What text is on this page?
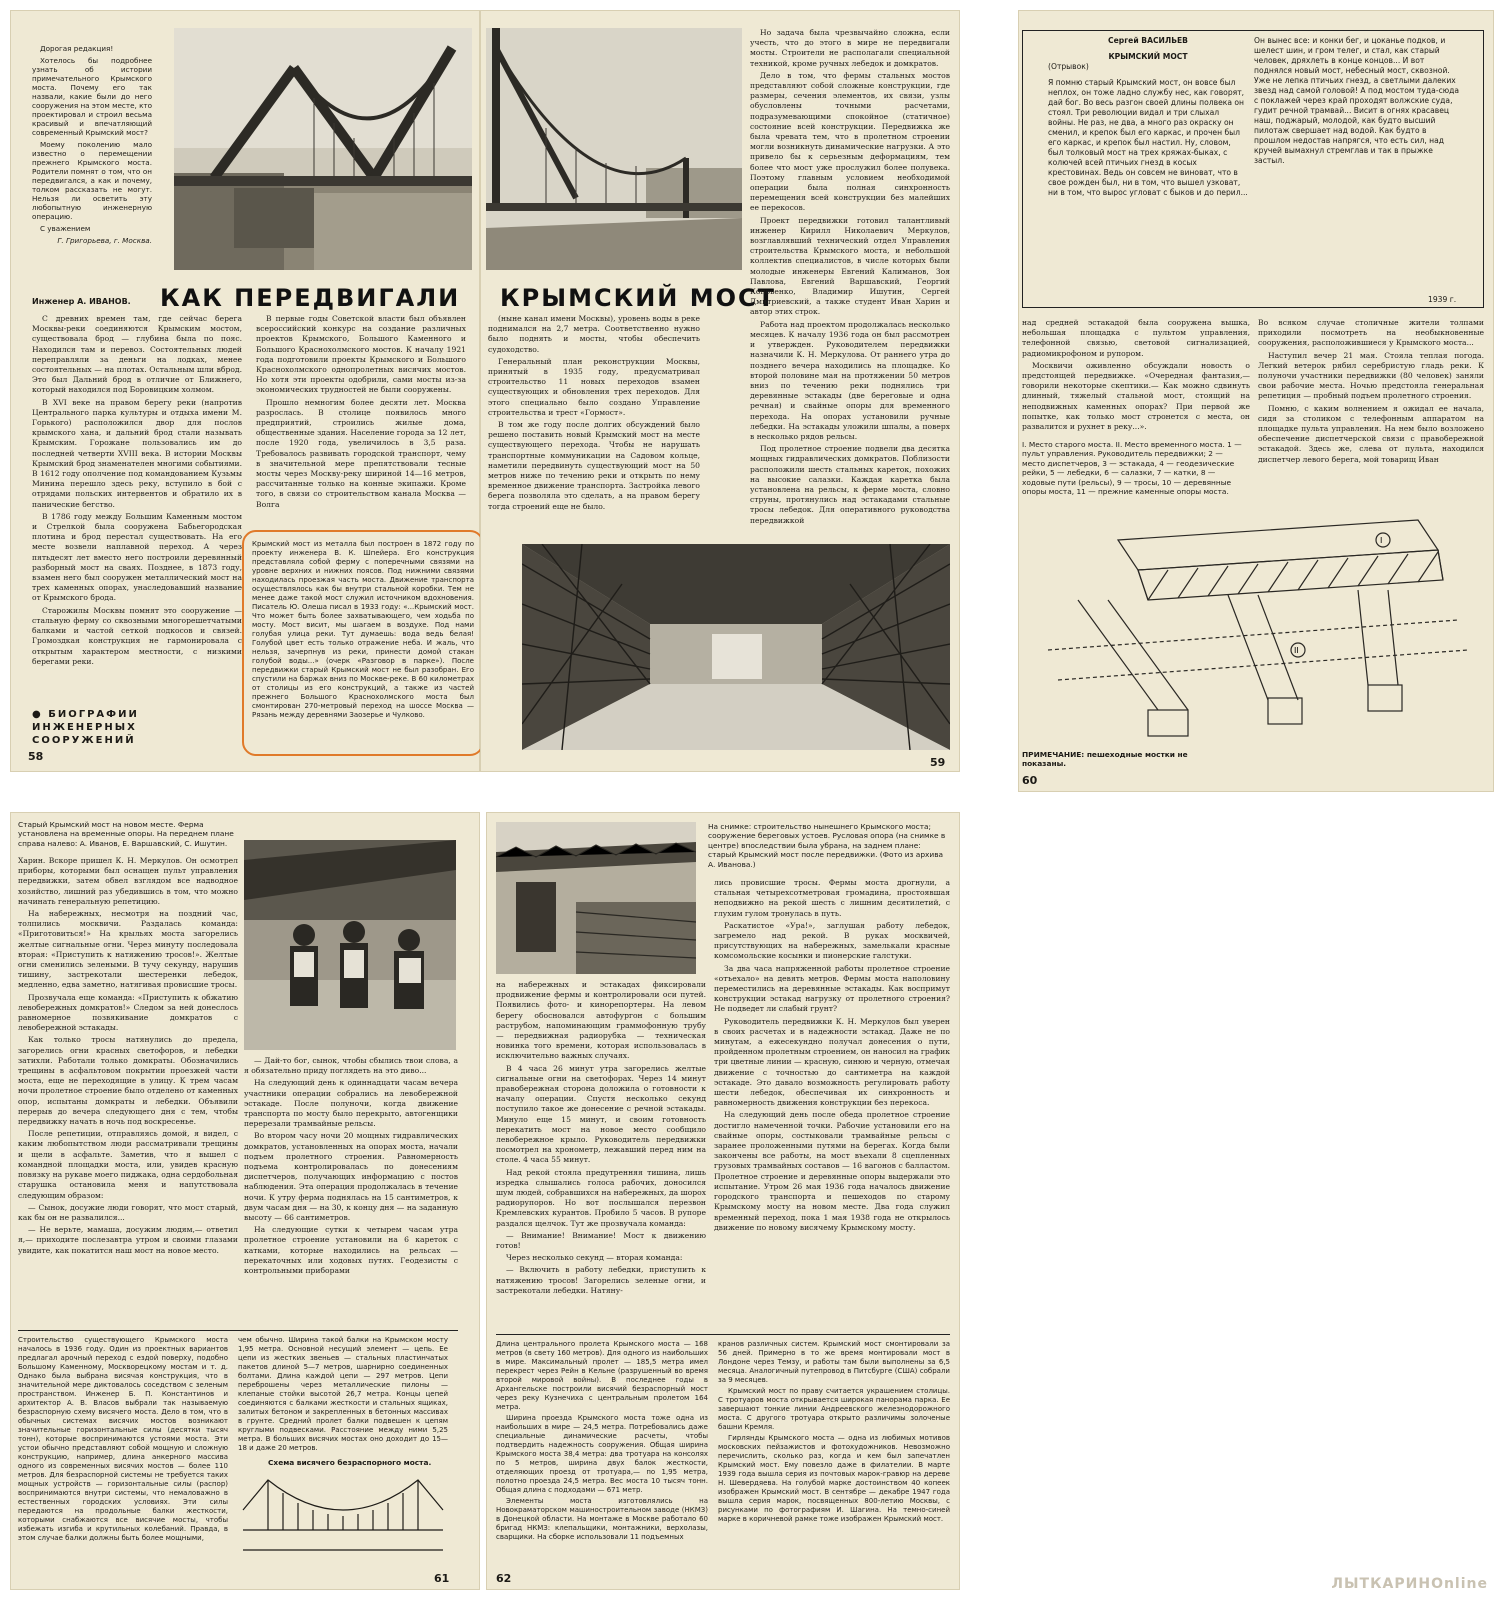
Дорогая редакция!

Хотелось бы подробнее узнать об истории примечательного Крымского моста. Почему его так назвали, какие были до него сооружения на этом месте, кто проектировал и строил весьма красивый и впечатляющий современный Крымский мост?

Моему поколению мало известно о перемещении прежнего Крымского моста. Родители помнят о том, что он передвигался, а как и почему, толком рассказать не могут. Нельзя ли осветить эту любопытную инженерную операцию.

С уважением

Г. Григорьева, г. Москва.

Инженер А. ИВАНОВ. КАК ПЕРЕДВИГАЛИ

С древних времен там, где сейчас берега Москвы-реки соединяются Крымским мостом, существовала брод — глубина была по пояс. Находился там и перевоз. Состоятельных людей переправляли за деньги на лодках, менее состоятельных — на плотах. Остальным шли вброд. Это был Дальний брод в отличие от Ближнего, который находился под Боровицким холмом.

В XVI веке на правом берегу реки (напротив Центрального парка культуры и отдыха имени М. Горького) расположился двор для послов крымского хана, и дальний брод стали называть Крымским. Горожане пользовались им до последней четверти XVIII века. В истории Москвы Крымский брод знаменателен многими событиями. В 1612 году ополчение под командованием Кузьмы Минина перешло здесь реку, вступило в бой с отрядами польских интервентов и обратило их в панические бегство.

В 1786 году между Большим Каменным мостом и Стрелкой была сооружена Бабьегородская плотина и брод перестал существовать. На его месте возвели наплавной переход. А через пятьдесят лет вместо него построили деревянный разборный мост на сваях. Позднее, в 1873 году, взамен него был сооружен металлический мост на трех каменных опорах, унаследовавший название от Крымского брода.

Старожилы Москвы помнят это сооружение — стальную ферму со сквозными многорешетчатыми балками и частой сеткой подкосов и связей. Громоздкая конструкция не гармонировала с открытым характером местности, с низкими берегами реки.

В первые годы Советской власти был объявлен всероссийский конкурс на создание различных проектов Крымского, Большого Каменного и Большого Краснохолмского мостов. К началу 1921 года подготовили проекты Крымского и Большого Краснохолмского однопролетных висячих мостов. Но хотя эти проекты одобрили, сами мосты из-за экономических трудностей не были сооружены.

Прошло немногим более десяти лет. Москва разрослась. В столице появилось много предприятий, строились жилые дома, общественные здания. Население города за 12 лет, после 1920 года, увеличилось в 3,5 раза. Требовалось развивать городской транспорт, чему в значительной мере препятствовали тесные мосты через Москву-реку шириной 14—16 метров, рассчитанные только на конные экипажи. Кроме того, в связи со строительством канала Москва — Волга

Крымский мост из металла был построен в 1872 году по проекту инженера В. К. Шпейера. Его конструкция представляла собой ферму с поперечными связями на уровне верхних и нижних поясов. Под нижними связями находилась проезжая часть моста. Движение транспорта осуществлялось как бы внутри стальной коробки. Тем не менее даже такой мост служил источником вдохновения. Писатель Ю. Олеша писал в 1933 году: «...Крымский мост. Что может быть более захватывающего, чем ходьба по мосту. Мост висит, мы шагаем в воздухе. Под нами голубая улица реки. Тут думаешь: вода ведь белая! Голубой цвет есть только отражение неба. И жаль, что нельзя, зачерпнув из реки, принести домой стакан голубой воды...» (очерк «Разговор в парке»). После передвижки старый Крымский мост не был разобран. Его спустили на баржах вниз по Москве-реке. В 60 километрах от столицы из его конструкций, а также из частей прежнего Большого Краснохолмского моста был смонтирован 270-метровый переход на шоссе Москва — Рязань между деревнями Заозерье и Чулково.
● БИОГРАФИИ ИНЖЕНЕРНЫХ СООРУЖЕНИЙ
58
КРЫМСКИЙ МОСТ

(ныне канал имени Москвы), уровень воды в реке поднимался на 2,7 метра. Соответственно нужно было поднять и мосты, чтобы обеспечить судоходство.

Генеральный план реконструкции Москвы, принятый в 1935 году, предусматривал строительство 11 новых переходов взамен существующих и обновления трех переходов. Для этого специально было создано Управление строительства и трест «Гормост».

В том же году после долгих обсуждений было решено поставить новый Крымский мост на месте существующего перехода. Чтобы не нарушать транспортные коммуникации на Садовом кольце, наметили передвинуть существующий мост на 50 метров ниже по течению реки и открыть по нему временное движение транспорта. Застройка левого берега позволяла это сделать, а на правом берегу тогда строений еще не было.

Но задача была чрезвычайно сложна, если учесть, что до этого в мире не передвигали мосты. Строители не располагали специальной техникой, кроме ручных лебедок и домкратов.

Дело в том, что фермы стальных мостов представляют собой сложные конструкции, где размеры, сечения элементов, их связи, узлы обусловлены точными расчетами, подразумевающими спокойное (статичное) состояние всей конструкции. Передвижка же была чревата тем, что в пролетном строении могли возникнуть динамические нагрузки. А это привело бы к серьезным деформациям, тем более что мост уже прослужил более полувека. Поэтому главным условием необходимой операции была полная синхронность перемещения всей конструкции без малейших ее перекосов.

Проект передвижки готовил талантливый инженер Кирилл Николаевич Меркулов, возглавлявший технический отдел Управления строительства Крымского моста, и небольшой коллектив специалистов, в числе которых были молодые инженеры Евгений Калиманов, Зоя Павлова, Евгений Варшавский, Георгий Коновенко, Владимир Ишутин, Сергей Дмитриевский, а также студент Иван Харин и автор этих строк.

Работа над проектом продолжалась несколько месяцев. К началу 1936 года он был рассмотрен и утвержден. Руководителем передвижки назначили К. Н. Меркулова. От раннего утра до позднего вечера находились на площадке. Ко второй половине мая на протяжении 50 метров вниз по течению реки поднялись три деревянные эстакады (две береговые и одна речная) и свайные опоры для временного перехода. На опорах установили ручные лебедки. На эстакады уложили шпалы, а поверх в несколько рядов рельсы.

Под пролетное строение подвели два десятка мощных гидравлических домкратов. Поблизости расположили шесть стальных кареток, похожих на высокие салазки. Каждая каретка была установлена на рельсы, к ферме моста, словно струны, протянулись над эстакадами стальные тросы лебедок. Для оперативного руководства передвижкой

59
Сергей ВАСИЛЬЕВ
КРЫМСКИЙ МОСТ
(Отрывок)
Я помню старый Крымский мост, он вовсе был неплох, он тоже ладно службу нес, как говорят, дай бог. Во весь разгон своей длины полвека он стоял. Три революции видал и три слыхал войны. Не раз, не два, а много раз окраску он сменил, и крепок был его каркас, и прочен был его каркас, и крепок был настил. Ну, словом, был толковый мост на трех кряжах-быках, с колючей всей птичьих гнезд в косых крестовинах. Ведь он совсем не виноват, что в свое рожден был, ни в том, что вышел узковат, ни в том, что вырос угловат с быков и до перил...
Он вынес все: и конки бег, и цоканье подков, и шелест шин, и гром телег, и стал, как старый человек, дряхлеть в конце концов... И вот поднялся новый мост, небесный мост, сквозной. Уже не лепка птичьих гнезд, а светлыми далеких звезд над самой головой! А под мостом туда-сюда с поклажей через край проходят волжские суда, гудит речной трамвай... Висит в огнях красавец наш, поджарый, молодой, как будто высший пилотаж свершает над водой. Как будто в прошлом недостав напрягся, что есть сил, над кручей вымахнул стремглав и так в прыжке застыл.
1939 г.

над средней эстакадой была сооружена вышка, небольшая площадка с пультом управления, телефонной связью, световой сигнализацией, радиомикрофоном и рупором.

Москвичи оживленно обсуждали новость о предстоящей передвижке. «Очередная фантазия,— говорили некоторые скептики.— Как можно сдвинуть длинный, тяжелый стальной мост, стоящий на неподвижных каменных опорах? При первой же попытке, как только мост стронется с места, он развалится и рухнет в реку...».

Во всяком случае столичные жители толпами приходили посмотреть на необыкновенные сооружения, расположившиеся у Крымского моста...

Наступил вечер 21 мая. Стояла теплая погода. Легкий ветерок рябил серебристую гладь реки. К полуночи участники передвижки (80 человек) заняли свои рабочие места. Ночью предстояла генеральная репетиция — пробный подъем пролетного строения.

Помню, с каким волнением я ожидал ее начала, сидя за столиком с телефонным аппаратом на площадке пульта управления. На нем было возложено обеспечение диспетчерской связи с правобережной эстакадой. Здесь же, слева от пульта, находился диспетчер левого берега, мой товарищ Иван

I. Место старого моста. II. Место временного моста. 1 — пульт управления. Руководитель передвижки; 2 — место диспетчеров, 3 — эстакада, 4 — геодезические рейки, 5 — лебедки, 6 — салазки, 7 — катки, 8 — ходовые пути (рельсы), 9 — тросы, 10 — деревянные опоры моста, 11 — прежние каменные опоры моста.
I
II
ПРИМЕЧАНИЕ: пешеходные мостки не показаны.
60
Старый Крымский мост на новом месте. Ферма установлена на временные опоры. На переднем плане справа налево: А. Иванов, Е. Варшавский, С. Ишутин.

Харин. Вскоре пришел К. Н. Меркулов. Он осмотрел приборы, которыми был оснащен пульт управления передвижки, затем обвел взглядом все надводное хозяйство, лишний раз убедившись в том, что можно начинать генеральную репетицию.

На набережных, несмотря на поздний час, толпились москвичи. Раздалась команда: «Приготовиться!» На крыльях моста загорелись желтые сигнальные огни. Через минуту последовала вторая: «Приступить к натяжению тросов!». Желтые огни сменились зелеными. В тучу секунду, нарушив тишину, застрекотали шестеренки лебедок, медленно, едва заметно, натягивая провисшие тросы.

Прозвучала еще команда: «Приступить к обжатию левобережных домкратов!» Следом за ней донеслось равномерное позвякивание домкратов с левобережной эстакады.

Как только тросы натянулись до предела, загорелись огни красных светофоров, и лебедки затихли. Работали только домкраты. Обозначились трещины в асфальтовом покрытии проезжей части моста, еще не переходящие в улицу. К трем часам ночи пролетное строение было отделено от каменных опор, испытаны домкраты и лебедки. Объявили перерыв до вечера следующего дня с тем, чтобы передвижку начать в ночь под воскресенье.

После репетиции, отправляясь домой, я видел, с каким любопытством люди рассматривали трещины и щели в асфальте. Заметив, что я вышел с командной площадки моста, или, увидев красную повязку на рукаве моего пиджака, одна сердобольная старушка остановила меня и напутствовала следующим образом:

— Сынок, досужие люди говорят, что мост старый, как бы он не развалился...

— Не верьте, мамаша, досужим людям,— ответил я,— приходите послезавтра утром и своими глазами увидите, как покатится наш мост на новое место.

— Дай-то бог, сынок, чтобы сбылись твои слова, а я обязательно приду поглядеть на это диво...

На следующий день к одиннадцати часам вечера участники операции собрались на левобережной эстакаде. После полуночи, когда движение транспорта по мосту было перекрыто, автогенщики перерезали трамвайные рельсы.

Во втором часу ночи 20 мощных гидравлических домкратов, установленных на опорах моста, начали подъем пролетного строения. Равномерность подъема контролировалась по донесениям диспетчеров, получающих информацию с постов наблюдения. Эта операция продолжалась в течение ночи. К утру ферма поднялась на 15 сантиметров, к двум часам дня — на 30, к концу дня — на заданную высоту — 66 сантиметров.

На следующие сутки к четырем часам утра пролетное строение установили на 6 кареток с катками, которые находились на рельсах — перекаточных или ходовых путях. Геодезисты с контрольными приборами

Строительство существующего Крымского моста началось в 1936 году. Один из проектных вариантов предлагал арочный переход с ездой поверху, подобно Большому Каменному, Москворецкому мостам и т. д. Однако была выбрана висячая конструкция, что в значительной мере диктовалось соседством с зеленым пространством. Инженер Б. П. Константинов и архитектор А. В. Власов выбрали так называемую безраспорную схему висячего моста. Дело в том, что в обычных системах висячих мостов возникают значительные горизонтальные силы (десятки тысяч тонн), которые воспринимаются устоями моста. Эти устои обычно представляют собой мощную и сложную конструкцию, например, длина анкерного массива одного из современных висячих мостов — более 110 метров. Для безраспорной системы не требуется таких мощных устройств — горизонтальные силы (распор) воспринимаются внутри системы, что немаловажно в естественных городских условиях. Эти силы передаются на продольные балки жесткости, которыми снабжаются все висячие мосты, чтобы избежать изгиба и крутильных колебаний. Правда, в этом случае балки должны быть более мощными,
чем обычно. Ширина такой балки на Крымском мосту 1,95 метра. Основной несущий элемент — цепь. Ее цепи из жестких звеньев — стальных пластинчатых пакетов длиной 5—7 метров, шарнирно соединенных болтами. Длина каждой цепи — 297 метров. Цепи переброшены через металлические пилоны — клепаные стойки высотой 26,7 метра. Концы цепей соединяются с балками жесткости и стальных ящиках, залитых бетоном и закрепленных в бетонных массивах в грунте. Средний пролет балки подвешен к цепям круглыми подвесками. Расстояние между ними 5,25 метра. В больших висячих мостах оно доходит до 15—18 и даже 20 метров.
Схема висячего безраспорного моста.
61
На снимке: строительство нынешнего Крымского моста; сооружение береговых устоев. Русловая опора (на снимке в центре) впоследствии была убрана, на заднем плане: старый Крымский мост после передвижки. (Фото из архива А. Иванова.)

на набережных и эстакадах фиксировали продвижение фермы и контролировали оси путей. Появились фото- и кинорепортеры. На левом берегу обосновался автофургон с большим раструбом, напоминающим граммофонную трубу — передвижная радиорубка — техническая новинка того времени, которая использовалась в исключительно важных случаях.

В 4 часа 26 минут утра загорелись желтые сигнальные огни на светофорах. Через 14 минут правобережная сторона доложила о готовности к началу операции. Спустя несколько секунд поступило такое же донесение с речной эстакады. Минуло еще 15 минут, и своим готовность перекатить мост на новое место сообщило левобережное крыло. Руководитель передвижки посмотрел на хронометр, лежавший перед ним на столе. 4 часа 55 минут.

Над рекой стояла предутренняя тишина, лишь изредка слышались голоса рабочих, доносился шум людей, собравшихся на набережных, да шорох радиорупоров. Но вот послышался перезвон Кремлевских курантов. Пробило 5 часов. В рупоре раздался щелчок. Тут же прозвучала команда:

— Внимание! Внимание! Мост к движению готов!

Через несколько секунд — вторая команда:

— Включить в работу лебедки, приступить к натяжению тросов! Загорелись зеленые огни, и застрекотали лебедки. Натяну-

лись провисшие тросы. Фермы моста дрогнули, а стальная четырехсотметровая громадина, простоявшая неподвижно на рекой шесть с лишним десятилетий, с глухим гулом тронулась в путь.

Раскатистое «Ура!», заглушая работу лебедок, загремело над рекой. В руках москвичей, присутствующих на набережных, замелькали красные комсомольские косынки и пионерские галстуки.

За два часа напряженной работы пролетное строение «отъехало» на девять метров. Фермы моста наполовину переместились на деревянные эстакады. Как воспримут конструкции эстакад нагрузку от пролетного строения? Не подведет ли слабый грунт?

Руководитель передвижки К. Н. Меркулов был уверен в своих расчетах и в надежности эстакад. Даже не по минутам, а ежесекундно получал донесения о пути, пройденном пролетным строением, он наносил на график три цветные линии — красную, синюю и черную, отмечая движение с точностью до сантиметра на каждой эстакаде. Это давало возможность регулировать работу шести лебедок, обеспечивая их синхронность и равномерность движения конструкции без перекоса.

На следующий день после обеда пролетное строение достигло намеченной точки. Рабочие установили его на свайные опоры, состыковали трамвайные рельсы с заранее проложенными путями на берегах. Когда были закончены все работы, на мост въехали 8 сцепленных грузовых трамвайных составов — 16 вагонов с балластом. Пролетное строение и деревянные опоры выдержали это испытание. Утром 26 мая 1936 года началось движение городского транспорта и пешеходов по старому Крымскому мосту на новом месте. Два года служил временный переход, пока 1 мая 1938 года не открылось движение по новому висячему Крымскому мосту.

Длина центрального пролета Крымского моста — 168 метров (в свету 160 метров). Для одного из наибольших в мире. Максимальный пролет — 185,5 метра имел перекрест через Рейн в Кельне (разрушенный во время второй мировой войны). В последнее годы в Архангельске построили висячий безраспорный мост через реку Кузнечиха с центральным пролетом 164 метра.

Ширина проезда Крымского моста тоже одна из наибольших в мире — 24,5 метра. Потребовались даже специальные динамические расчеты, чтобы подтвердить надежность сооружения. Общая ширина Крымского моста 38,4 метра: два тротуара на консолях по 5 метров, ширина двух балок жесткости, отделяющих проезд от тротуара,— по 1,95 метра, полотно проезда 24,5 метра. Вес моста 10 тысяч тонн. Общая длина с подходами — 671 метр.

Элементы моста изготовлялись на Новокраматорском машиностроительном заводе (НКМЗ) в Донецкой области. На монтаже в Москве работало 60 бригад НКМЗ: клепальщики, монтажники, верхолазы, сварщики. На сборке использовали 11 подъемных

кранов различных систем. Крымский мост смонтировали за 56 дней. Примерно в то же время монтировали мост в Лондоне через Темзу, и работы там были выполнены за 6,5 месяца. Аналогичный путепровод в Питсбурге (США) собрали за 9 месяцев.

Крымский мост по праву считается украшением столицы. С тротуаров моста открывается широкая панорама парка. Ее завершают тонкие линии Андреевского железнодорожного моста. С другого тротуара открыто различимы золоченые башни Кремля.

Гирлянды Крымского моста — одна из любимых мотивов московских пейзажистов и фотохудожников. Невозможно перечислить, сколько раз, когда и кем был запечатлен Крымский мост. Ему повезло даже в филателии. В марте 1939 года вышла серия из почтовых марок-гравюр на дереве Н. Шевердяева. На голубой марке достоинством 40 копеек изображен Крымский мост. В сентябре — декабре 1947 года вышла серия марок, посвященных 800-летию Москвы, с рисунками по фотографиям И. Шагина. На темно-синей марке в коричневой рамке тоже изображен Крымский мост.

62	ЛЫТКАРИНОnline
